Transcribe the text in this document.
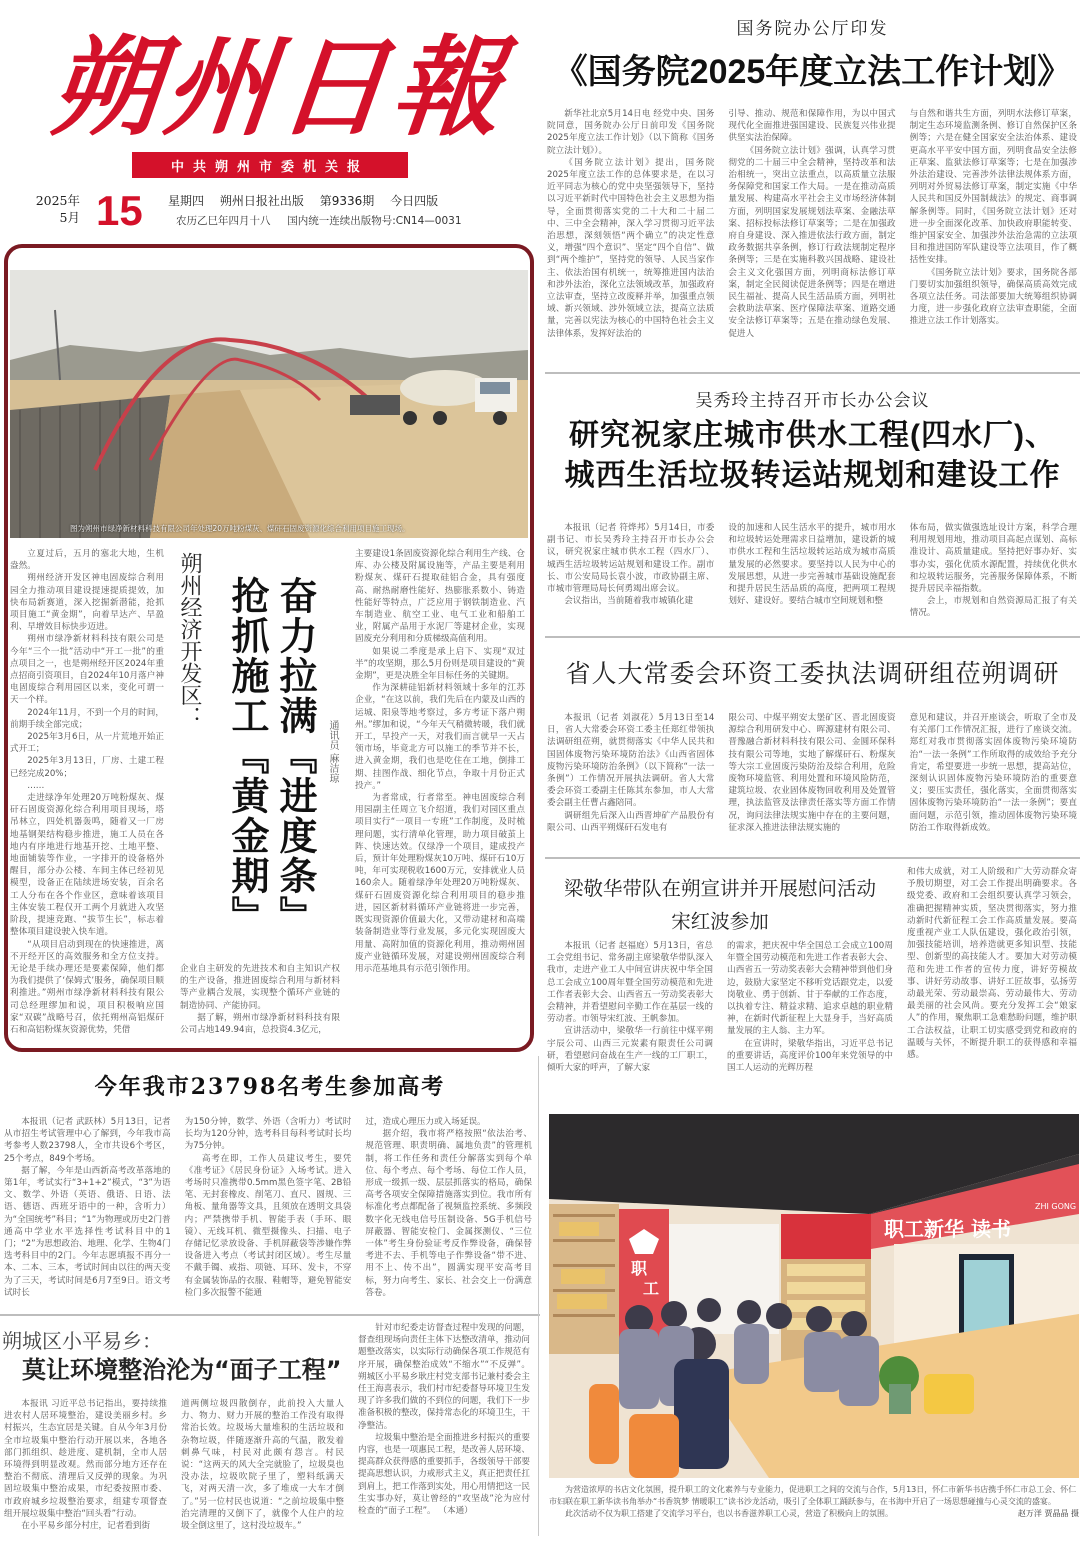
朔
州
日
報
中共朔州市委机关报
2025年
5月 15 星期四 朔州日报社出版 第9336期 今日四版
农历乙巳年四月十八 国内统一连续出版物号:CN14—0031
国务院办公厅印发
《国务院2025年度立法工作计划》

新华社北京5月14日电 经党中央、国务院同意，国务院办公厅日前印发《国务院2025年度立法工作计划》（以下简称《国务院立法计划》）。

《国务院立法计划》提出，国务院2025年度立法工作的总体要求是，在以习近平同志为核心的党中央坚强领导下，坚持以习近平新时代中国特色社会主义思想为指导，全面贯彻落实党的二十大和二十届二中、三中全会精神，深入学习贯彻习近平法治思想，深刻领悟“两个确立”的决定性意义，增强“四个意识”、坚定“四个自信”、做到“两个维护”，坚持党的领导、人民当家作主、依法治国有机统一，统筹推进国内法治和涉外法治，深化立法领域改革，加强政府立法审查，坚持立改废释并举，加强重点领域、新兴领域、涉外领域立法，提高立法质量，完善以宪法为核心的中国特色社会主义法律体系，发挥好法治的

引导、推动、规范和保障作用，为以中国式现代化全面推进强国建设、民族复兴伟业提供坚实法治保障。

《国务院立法计划》强调，认真学习贯彻党的二十届三中全会精神，坚持改革和法治相统一，突出立法重点，以高质量立法服务保障党和国家工作大局。一是在推动高质量发展、构建高水平社会主义市场经济体制方面，列明国家发展规划法草案、金融法草案、招标投标法修订草案等；二是在加强政府自身建设、深入推进依法行政方面，制定政务数据共享条例，修订行政法规制定程序条例等；三是在实施科教兴国战略、建设社会主义文化强国方面，列明商标法修订草案，制定全民阅读促进条例等；四是在增进民生福祉、提高人民生活品质方面，列明社会救助法草案、医疗保障法草案、道路交通安全法修订草案等；五是在推动绿色发展、促进人

与自然和谐共生方面，列明水法修订草案，制定生态环境监测条例、修订自然保护区条例等；六是在健全国家安全法治体系、建设更高水平平安中国方面，列明食品安全法修正草案、监狱法修订草案等；七是在加强涉外法治建设、完善涉外法律法规体系方面，列明对外贸易法修订草案，制定实施《中华人民共和国反外国制裁法》的规定、商事调解条例等。同时，《国务院立法计划》还对进一步全面深化改革、加快政府职能转变、维护国家安全、加强涉外法治急需的立法项目和推进国防军队建设等立法项目，作了概括性安排。

《国务院立法计划》要求，国务院各部门要切实加强组织领导，确保高质高效完成各项立法任务。司法部要加大统筹组织协调力度，进一步强化政府立法审查职能，全面推进立法工作计划落实。

吴秀玲主持召开市长办公会议
研究祝家庄城市供水工程(四水厂)、
城西生活垃圾转运站规划和建设工作

本报讯（记者 符烨邦）5月14日，市委副书记、市长吴秀玲主持召开市长办公会议，研究祝家庄城市供水工程（四水厂）、城西生活垃圾转运站规划和建设工作。副市长、市公安局局长袁小波，市政协副主席、市城市管理局局长何勇竭出席会议。

会议指出，当前随着我市城镇化建

设的加速和人民生活水平的提升，城市用水和垃圾转运处理需求日益增加，建设新的城市供水工程和生活垃圾转运站成为城市高质量发展的必然要求。要坚持以人民为中心的发展思想，从进一步完善城市基础设施配套和提升居民生活品质的高度，把两项工程规划好、建设好。要结合城市空间规划和整

体布局，做实做强选址设计方案，科学合理利用规划用地，推动项目高起点谋划、高标准设计、高质量建成。坚持把好事办好、实事办实，强化优质水源配置，持续优化供水和垃圾转运服务，完善服务保障体系，不断提升居民幸福指数。

会上，市规划和自然资源局汇报了有关情况。

省人大常委会环资工委执法调研组莅朔调研

本报讯（记者 刘淑花）5月13日至14日，省人大常委会环资工委主任郑红带领执法调研组莅朔，就贯彻落实《中华人民共和国固体废物污染环境防治法》《山西省固体废物污染环境防治条例》（以下简称“一法一条例”）工作情况开展执法调研。省人大常委会环资工委副主任陈其东参加，市人大常委会副主任曹占鑫陪同。

调研组先后深入山西晋坤矿产品股份有限公司、山西平朔煤矸石发电有

限公司、中煤平朔安太堡矿区、晋北固废资源综合利用研发中心、晖源建材有限公司、晋豫融合新材料科技有限公司、金圆环保科技有限公司等地，实地了解煤矸石、粉煤灰等大宗工业固废污染防治及综合利用，危险废物环境监管、利用处置和环境风险防范，建筑垃圾、农业固体废物回收利用及处置管理，执法监管及法律责任落实等方面工作情况，询问法律法规实施中存在的主要问题，征求深入推进法律法规实施的

意见和建议，并召开座谈会，听取了全市及有关部门工作情况汇报，进行了座谈交流。郑红对我市贯彻落实固体废物污染环境防治“一法一条例”工作所取得的成效给予充分肯定，希望要进一步统一思想，提高站位，深刻认识固体废物污染环境防治的重要意义；要压实责任，强化落实，全面贯彻落实固体废物污染环境防治“一法一条例”；要直面问题，示范引领，推动固体废物污染环境防治工作取得新成效。

梁敬华带队在朔宣讲并开展慰问活动
宋红波参加

本报讯（记者 赵福庭）5月13日，省总工会党组书记、常务副主席梁敬华带队深入我市，走进产业工人中间宣讲庆祝中华全国总工会成立100周年暨全国劳动模范和先进工作者表彰大会、山西省五一劳动奖表彰大会精神，并看望慰问辛勤工作在基层一线的劳动者。市领导宋红波、王帆参加。

宣讲活动中，梁敬华一行前往中煤平朔宇辰公司、山西三元炭素有限责任公司调研，看望慰问奋战在生产一线的工厂职工，倾听大家的呼声，了解大家

的需求，把庆祝中华全国总工会成立100周年暨全国劳动模范和先进工作者表彰大会、山西省五一劳动奖表彰大会精神带到他们身边，鼓励大家坚定不移听党话跟党走，以爱岗敬业、勇于创新、甘于奉献的工作态度，以执着专注、精益求精、追求卓越的职业精神，在新时代新征程上大显身手，当好高质量发展的主人翁、主力军。

在宣讲时，梁敬华指出，习近平总书记的重要讲话，高度评价100年来党领导的中国工人运动的光辉历程

和伟大成就，对工人阶级和广大劳动群众寄予殷切期望，对工会工作提出明确要求。各级党委、政府和工会组织要认真学习领会，准确把握精神实质，坚决贯彻落实，努力推动新时代新征程工会工作高质量发展。要高度重视产业工人队伍建设，强化政治引领，加强技能培训，培养造就更多知识型、技能型、创新型的高技能人才。要加大对劳动模范和先进工作者的宣传力度，讲好劳模故事、讲好劳动故事、讲好工匠故事，弘扬劳动最光荣、劳动最崇高、劳动最伟大、劳动最美丽的社会风尚。要充分发挥工会“娘家人”的作用，聚焦职工急难愁盼问题，维护职工合法权益，让职工切实感受到党和政府的温暖与关怀，不断提升职工的获得感和幸福感。

职
工
职工新华 读书
ZHI GONG

为营造浓厚的书店文化氛围，提升职工的文化素养与专业能力，促进职工之间的交流与合作，5月13日，怀仁市新华书店携手怀仁市总工会、怀仁市妇联在职工新华读书角举办“书香筑梦 情暖职工”读书沙龙活动，吸引了全体职工踊跃参与，在书海中开启了一场思想碰撞与心灵交流的盛宴。

此次活动不仅为职工搭建了交流学习平台，也以书香滋养职工心灵，营造了积极向上的氛围。	赵万洋 贾晶晶 摄

图为朔州市绿净新材料科技有限公司年处理20万吨粉煤灰、煤矸石固废资源化综合利用项目施工现场。

立夏过后，五月的塞北大地，生机盎然。

朔州经济开发区神电固废综合利用园全力推动项目建设提速提质提效，加快布局新赛道，深入挖掘新潜能，抢抓项目施工“黄金期”，向着早达产、早盈利、早增效目标快步迈进。

朔州市绿净新材料科技有限公司是今年“三个一批”活动中“开工一批”的重点项目之一，也是朔州经开区2024年重点招商引资项目，自2024年10月落户神电固废综合利用园区以来，变化可谓一天一个样。

2024年11月，不到一个月的时间，前期手续全部完成；

2025年3月6日，从一片荒地开始正式开工；

2025年3月13日，厂房、土建工程已经完成20%；

……

走进绿净年处理20万吨粉煤灰、煤矸石固废资源化综合利用项目现场，塔吊林立，四处机器轰鸣，随着又一厂房地基钢架结构稳步推进，施工人员在各地内有序地进行地基开挖、土地平整、地面铺装等作业，一字排开的设备格外醒目，部分办公楼、车间主体已经初见模型，设备正在陆续进场安装，百余名工人分布在各个作业区，意味着该项目主体安装工程仅开工两个月就进入攻坚阶段，提速竞跑、“拔节生长”，标志着整体项目建设驶入快车道。

“从项目启动到现在的快速推进，离不开经开区的高效服务和全方位支持。无论是手续办理还是要素保障，他们都为我们提供了‘保姆式’服务，确保项目顺利推进。”朔州市绿净新材料科技有限公司总经理缪加和说，项目积极响应国家“双碳”战略号召，依托朔州高铝煤矸石和高铝粉煤灰资源优势，凭借

朔州经济开发区：	奋力拉满『进度条』 抢抓施工『黄金期』	通讯员 麻洁琼

企业自主研发的先进技术和自主知识产权的生产设备，推进固废综合利用与新材料等产业耦合发展，实现整个循环产业链的制造协同、产能协同。

据了解，朔州市绿净新材料科技有限公司占地149.94亩，总投资4.3亿元，

主要建设1条固废资源化综合利用生产线、仓库、办公楼及附属设施等，产品主要是利用粉煤灰、煤矸石提取硅铝合金，具有强度高、耐热耐磨性能好、热膨胀系数小、铸造性能好等特点，广泛应用于钢铁制造业、汽车制造业、航空工业、电气工业和船舶工业，附属产品用于水泥厂等建材企业，实现固废充分利用和分质梯级高值利用。

如果说二季度是承上启下、实现“双过半”的攻坚期，那么5月份则是项目建设的“黄金期”，更是决胜全年目标任务的关键期。

作为深耕硅铝新材料领域十多年的江苏企业，“在这以前，我们先后在内蒙及山西的运城、阳泉等地考察过，多方考证下落户朔州。”缪加和说，“今年天气稍微转暖，我们就开工，早投产一天，对我们而言就早一天占领市场，毕竟北方可以施工的季节并不长，进入黄金期，我们也是吃住在工地，倒排工期、挂图作战、细化节点，争取十月份正式投产。”

为者常成，行者常至。神电固废综合利用园副主任周立飞介绍道，我们对园区重点项目实行“一项目一专班”工作制度，及时梳理问题，实行清单化管理，助力项目破茧上阵、快速达效。仅绿净一个项目，建成投产后，预计年处理粉煤灰10万吨、煤矸石10万吨，年可实现税收1600万元，安排就业人员160余人。随着绿净年处理20万吨粉煤灰、煤矸石固废资源化综合利用项目的稳步推进，园区新材料循环产业链将进一步完善，既实现资源价值最大化，又带动建材和高端装备制造业等行业发展，多元化实现固废大用量、高附加值的资源化利用，推动朔州固废产业链循环发展，对建设朔州固废综合利用示范基地具有示范引领作用。

今年我市23798名考生参加高考

本报讯（记者 武跃林）5月13日，记者从市招生考试管理中心了解到，今年我市高考参考人数23798人，全市共设6个考区，25个考点，849个考场。

据了解，今年是山西新高考改革落地的第1年，考试实行“3+1+2”模式，“3”为语文、数学、外语（英语、俄语、日语、法语、德语、西班牙语中的一种，含听力）为“全国统考”科目；“1”为物理或历史2门普通高中学业水平选择性考试科目中的1门；“2”为思想政治、地理、化学、生物4门选考科目中的2门。今年志愿填报不再分一本、二本、三本，考试时间由以往的两天变为了三天，考试时间是6月7至9日。语文考试时长

为150分钟，数学、外语（含听力）考试时长均为120分钟，选考科目每科考试时长均为75分钟。

高考在即，工作人员建议考生，要凭《准考证》《居民身份证》入场考试。进入考场时只准携带0.5mm黑色签字笔、2B铅笔、无封套橡皮、削笔刀、直尺、圆规、三角板、量角器等文具，且须放在透明文具袋内；严禁携带手机、智能手表（手环、眼镜）、无线耳机、微型摄像头、扫描、电子存储记忆录放设备、手机屏蔽袋等涉嫌作弊设备进入考点（考试封闭区域）。考生尽量不戴手镯、戒指、项链、耳环、发卡，不穿有金属装饰品的衣服、鞋帽等，避免智能安检门多次报警不能通

过，造成心理压力或入场延误。

据介绍，我市将严格按照“依法治考、规范管理、职责明确、属地负责”的管理机制，将工作任务和责任分解落实到每个单位、每个考点、每个考场、每位工作人员，形成一级抓一级、层层抓落实的格局，确保高考各项安全保障措施落实到位。我市所有标准化考点都配备了视频监控系统、多频段数字化无线电信号压制设备、5G手机信号屏蔽器、智能安检门、金属探测仪、“三位一体”考生身份验证考反作弊设备，确保替考进不去、手机等电子作弊设备“带不进、用不上、传不出”，圆满实现平安高考目标，努力向考生、家长、社会交上一份满意答卷。

朔城区小平易乡：
莫让环境整治沦为“面子工程”

本报讯 习近平总书记指出，要持续推进农村人居环境整治，建设美丽乡村。乡村振兴，生态宜居是关键。自从今年3月份全市垃圾集中整治行动开展以来，各地各部门抓组织、趁进度、建机制，全市人居环境得到明显改观。然而部分地方还存在整治不彻底、清理后又反弹的现象。为巩固垃圾集中整治成果，市纪委按照市委、市政府城乡垃圾整治要求，组建专项督查组开展垃圾集中整治“回头看”行动。

在小平易乡部分村庄，记者看到街

道两侧垃圾四散倒存，此前投入大量人力、物力、财力开展的整治工作没有取得常治长效。垃圾场大量堆积的生活垃圾和杂物垃圾，伴随逐渐升高的气温，散发着刺鼻气味，村民对此颇有怨言。村民说：“这两天的风大全完就脸了，垃圾臭也没办法，垃圾吹院子里了，塑料纸满天飞，对两天清一次，多了堆成一大车才倒了。”另一位村民也说道：“之前垃圾集中整治完清理的又倒下了，就像个人住户的垃圾全倒这里了，这村没垃圾车。”

针对市纪委走访督查过程中发现的问题，督查组现场向责任主体下达整改清单，推动问题整改落实，以实际行动确保各项工作规范有序开展，确保整治成效“不缩水”“不反弹”。朔城区小平易乡耿庄村党支部书记兼村委会主任王海喜表示，我们村市纪委督导环境卫生发现了许多我们做的不到位的问题，我们下一步准备积极的整改，保持常态化的环境卫生，干净整洁。

垃圾集中整治是全面推进乡村振兴的重要内容，也是一项惠民工程，是改善人居环境、提高群众获得感的重要抓手，各级领导干部要提高思想认识，力戒形式主义，真正把责任扛到肩上，把工作落到实处，用心用情把这一民生实事办好，莫让曾经的“攻坚战”沦为应付检查的“面子工程”。 （本通）
